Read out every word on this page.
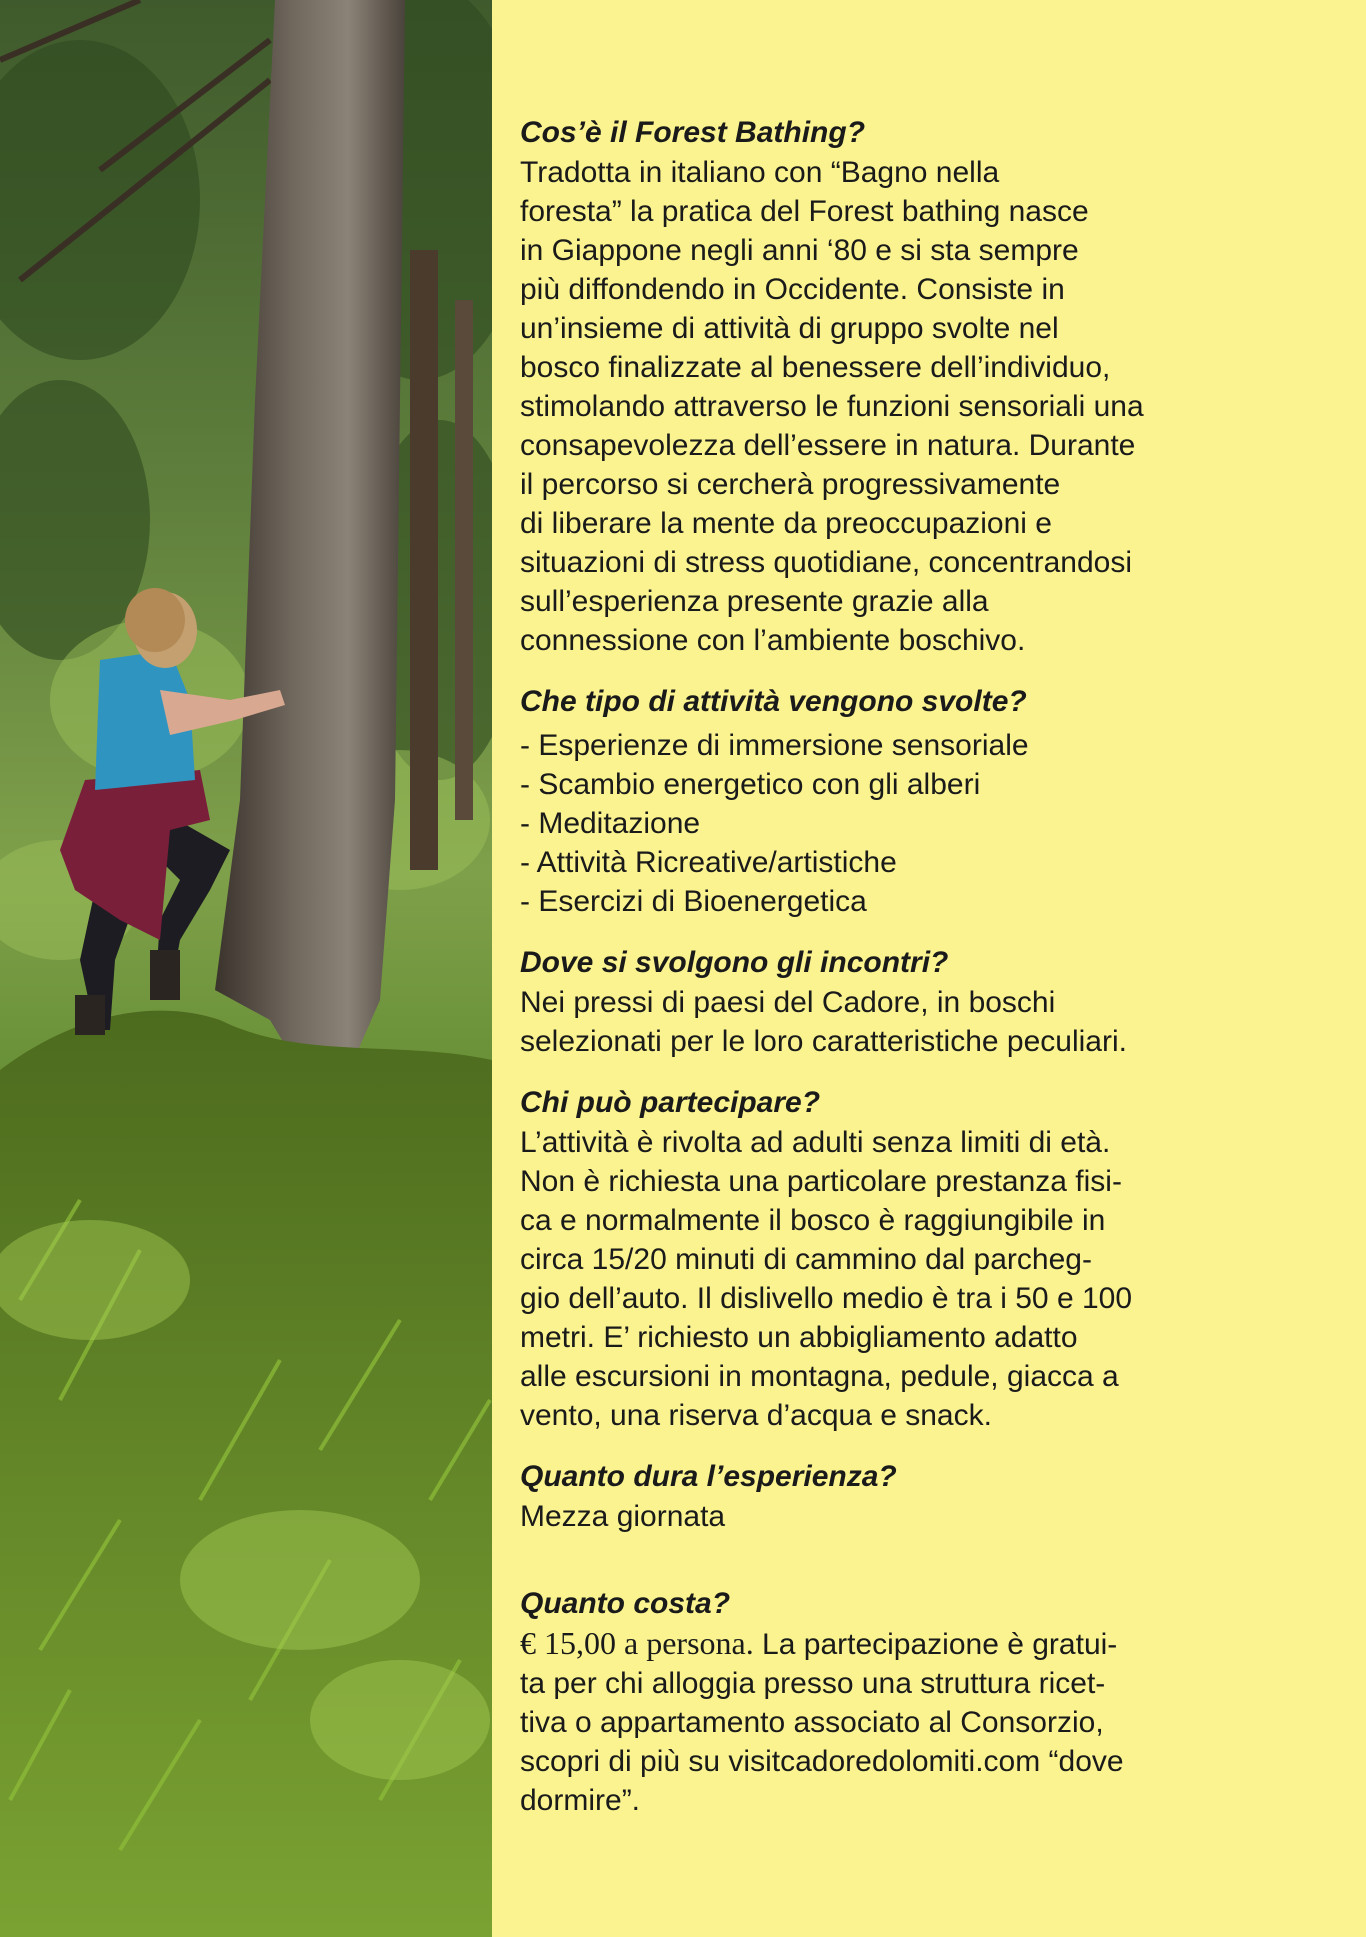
Cos’è il Forest Bathing?

Tradotta in italiano con “Bagno nella

foresta” la pratica del Forest bathing nasce

in Giappone negli anni ‘80 e si sta sempre

più diffondendo in Occidente. Consiste in

un’insieme di attività di gruppo svolte nel

bosco finalizzate al benessere dell’individuo,

stimolando attraverso le funzioni sensoriali una

consapevolezza dell’essere in natura. Durante

il percorso si cercherà progressivamente

di liberare la mente da preoccupazioni e

situazioni di stress quotidiane, concentrandosi

sull’esperienza presente grazie alla

connessione con l’ambiente boschivo.

Che tipo di attività vengono svolte?
- Esperienze di immersione sensoriale
- Scambio energetico con gli alberi
- Meditazione
- Attività Ricreative/artistiche
- Esercizi di Bioenergetica
Dove si svolgono gli incontri?

Nei pressi di paesi del Cadore, in boschi

selezionati per le loro caratteristiche peculiari.

Chi può partecipare?

L’attività è rivolta ad adulti senza limiti di età.

Non è richiesta una particolare prestanza fisi-

ca e normalmente il bosco è raggiungibile in

circa 15/20 minuti di cammino dal parcheg-

gio dell’auto. Il dislivello medio è tra i 50 e 100

metri. E’ richiesto un abbigliamento adatto

alle escursioni in montagna, pedule, giacca a

vento, una riserva d’acqua e snack.

Quanto dura l’esperienza?

Mezza giornata

Quanto costa?

€ 15,00 a persona. La partecipazione è gratui-

ta per chi alloggia presso una struttura ricet-

tiva o appartamento associato al Consorzio,

scopri di più su visitcadoredolomiti.com “dove

dormire”.
